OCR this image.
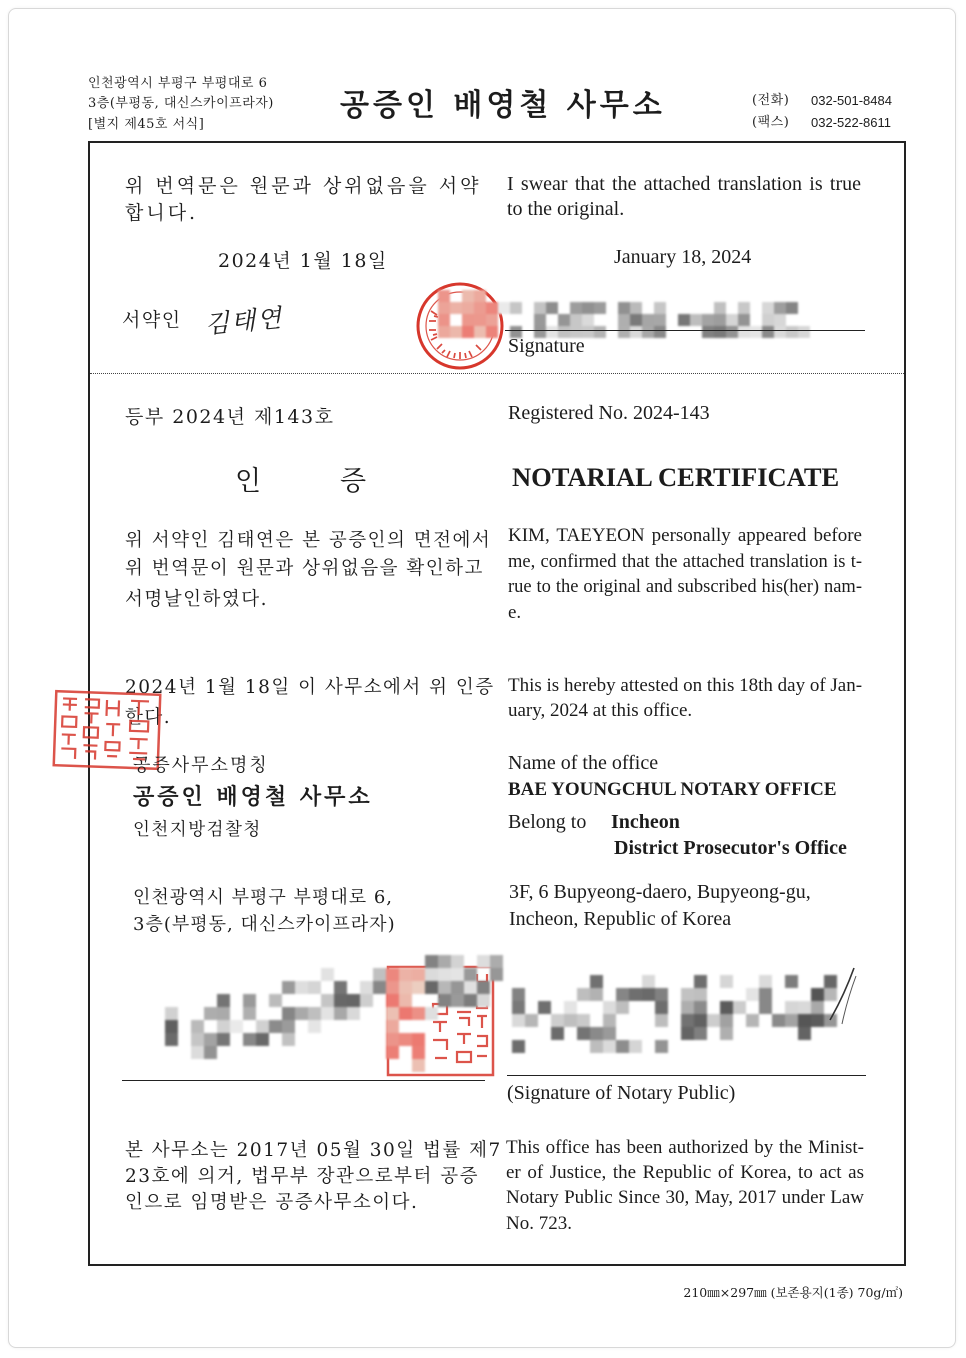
인천광역시 부평구 부평대로 6
3층(부평동, 대신스카이프라자)
[별지 제45호 서식]
공증인 배영철 사무소	(전화) 032-501-8484
(팩스) 032-522-8611
위 번역문은 원문과 상위없음을 서약
합니다.
I swear that the attached translation is true
to the original.
2024년 1월 18일	January 18, 2024
서약인 김태연
Signature
등부 2024년 제143호	Registered No. 2024-143
인	증	NOTARIAL CERTIFICATE
위 서약인 김태연은 본 공증인의 면전에서
위 번역문이 원문과 상위없음을 확인하고
서명날인하였다.
KIM, TAEYEON personally appeared before
me, confirmed that the attached translation is t-
rue to the original and subscribed his(her) nam-
e.
2024년 1월 18일 이 사무소에서 위 인증
한다.
This is hereby attested on this 18th day of Jan-
uary, 2024 at this office.
공증사무소명칭
공증인 배영철 사무소
인천지방검찰청
Name of the office
BAE YOUNGCHUL NOTARY OFFICE
Belong to Incheon
District Prosecutor's Office
인천광역시 부평구 부평대로 6,
3층(부평동, 대신스카이프라자)
3F, 6 Bupyeong-daero, Bupyeong-gu,
Incheon, Republic of Korea
(Signature of Notary Public)
본 사무소는 2017년 05월 30일 법률 제7
23호에 의거, 법무부 장관으로부터 공증
인으로 임명받은 공증사무소이다.
This office has been authorized by the Minist-
er of Justice, the Republic of Korea, to act as
Notary Public Since 30, May, 2017 under Law
No. 723.
210㎜×297㎜ (보존용지(1종) 70g/㎡)
